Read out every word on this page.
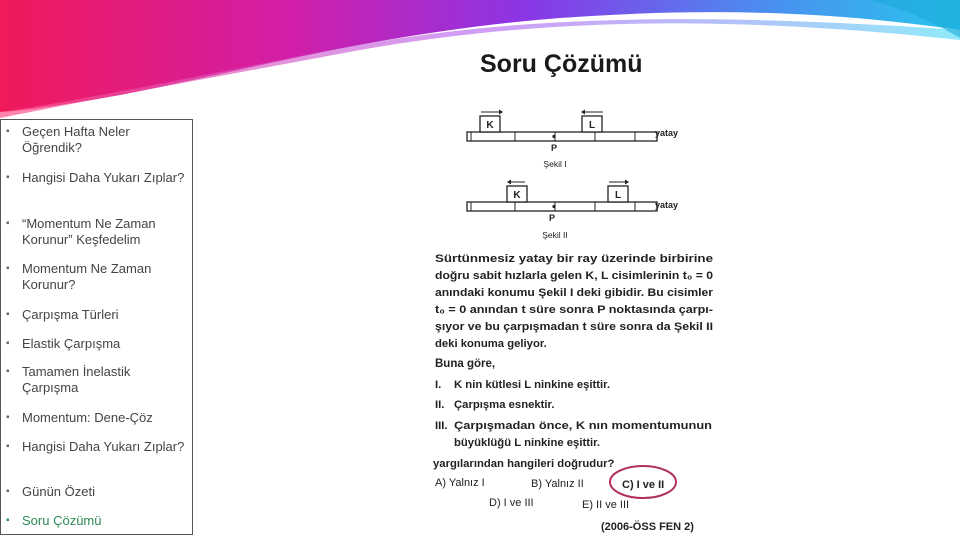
Soru Çözümü
▪ Geçen Hafta Neler Öğrendik?
▪ Hangisi Daha Yukarı Zıplar?
▪ “Momentum Ne Zaman Korunur” Keşfedelim
▪ Momentum Ne Zaman Korunur?
▪ Çarpışma Türleri
▪ Elastik Çarpışma
▪ Tamamen İnelastik Çarpışma
▪ Momentum: Dene-Çöz
▪ Hangisi Daha Yukarı Zıplar?
▪ Günün Özeti
▪ Soru Çözümü
K	L
P
yatay
Şekil I
K	L
P
yatay
Şekil II
Sürtünmesiz yatay bir ray üzerinde birbirine
doğru sabit hızlarla gelen K, L cisimlerinin t₀ = 0
anındaki konumu Şekil I deki gibidir. Bu cisimler
t₀ = 0 anından t süre sonra P noktasında çarpı-
şıyor ve bu çarpışmadan t süre sonra da Şekil II
deki konuma geliyor.
Buna göre,
I. K nin kütlesi L ninkine eşittir.
II. Çarpışma esnektir.
III. Çarpışmadan önce, K nın momentumunun
büyüklüğü L ninkine eşittir.
yargılarından hangileri doğrudur?
A) Yalnız I	B) Yalnız II	C) I ve II
D) I ve III	E) II ve III
(2006-ÖSS FEN 2)
